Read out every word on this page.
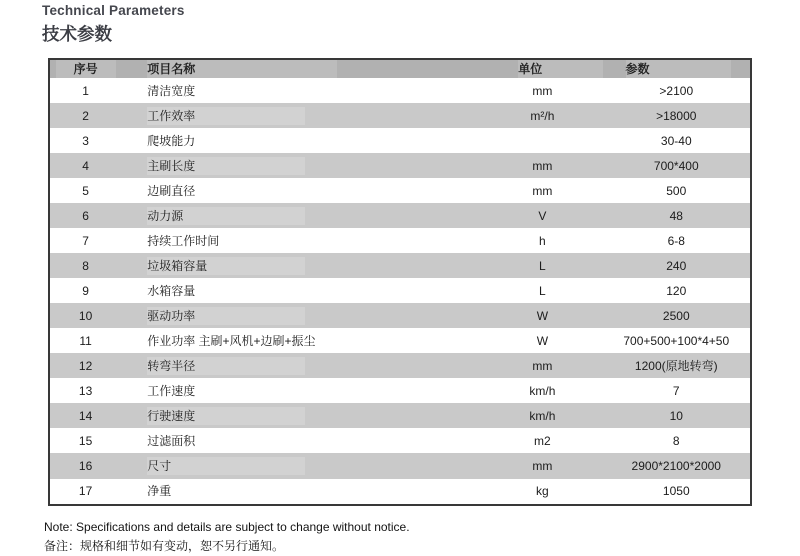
Technical Parameters
技术参数
序号	项目名称	单位	参数
1	清洁宽度	mm	>2100
2	工作效率	m²/h	>18000
3	爬坡能力		30-40
4	主刷长度	mm	700*400
5	边刷直径	mm	500
6	动力源	V	48
7	持续工作时间	h	6-8
8	垃圾箱容量	L	240
9	水箱容量	L	120
10	驱动功率	W	2500
11	作业功率 主刷+风机+边刷+振尘	W	700+500+100*4+50
12	转弯半径	mm	1200(原地转弯)
13	工作速度	km/h	7
14	行驶速度	km/h	10
15	过滤面积	m2	8
16	尺寸	mm	2900*2100*2000
17	净重	kg	1050
Note: Specifications and details are subject to change without notice.
备注：规格和细节如有变动，恕不另行通知。
